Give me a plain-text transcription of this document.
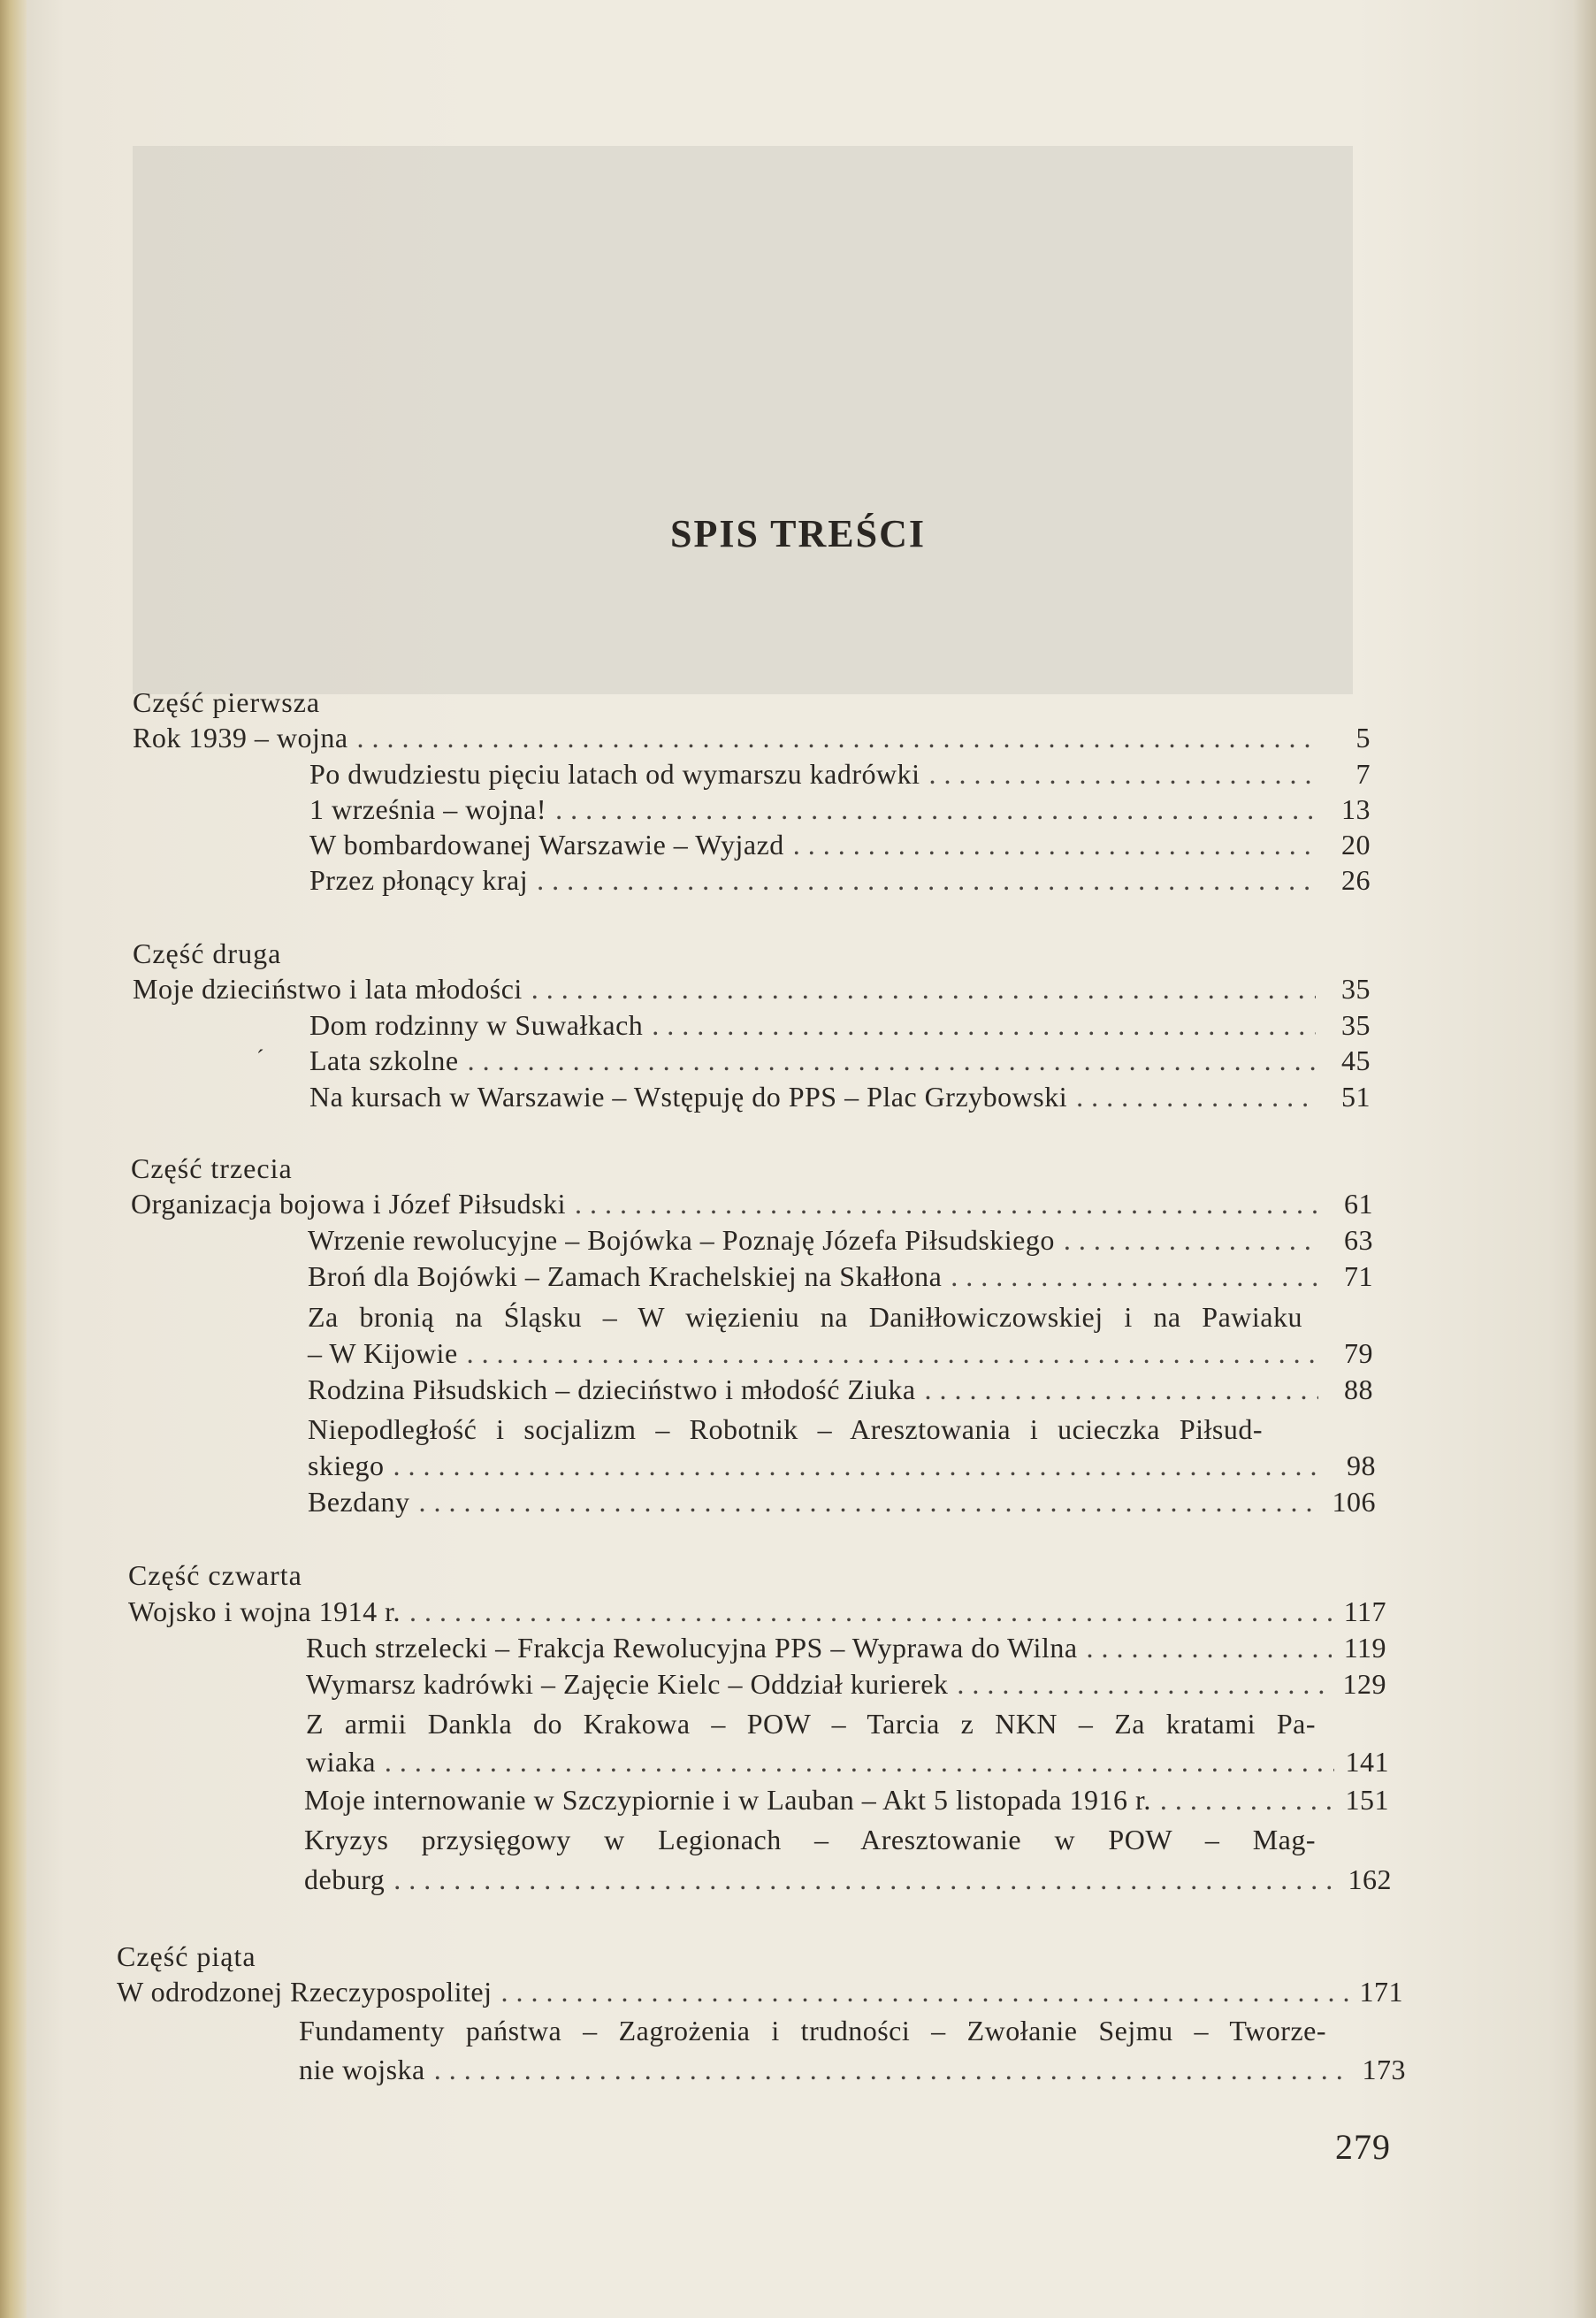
SPIS TREŚCI
Część pierwsza
Rok 1939 – wojna .....	5
Po dwudziestu pięciu latach od wymarszu kadrówki .....	7
1 września – wojna! .....	13
W bombardowanej Warszawie – Wyjazd .....	20
Przez płonący kraj .....	26
Część druga
Moje dzieciństwo i lata młodości .....	35
Dom rodzinny w Suwałkach .....	35
´ Lata szkolne .....	45
Na kursach w Warszawie – Wstępuję do PPS – Plac Grzybowski .....	51
Część trzecia
Organizacja bojowa i Józef Piłsudski .....	61
Wrzenie rewolucyjne – Bojówka – Poznaję Józefa Piłsudskiego .....	63
Broń dla Bojówki – Zamach Krachelskiej na Skałłona .....	71
Za bronią na Śląsku – W więzieniu na Daniłłowiczowskiej i na Pawiaku
– W Kijowie .....	79
Rodzina Piłsudskich – dzieciństwo i młodość Ziuka .....	88
Niepodległość i socjalizm – Robotnik – Aresztowania i ucieczka Piłsud-
skiego .....	98
Bezdany .....	106
Część czwarta
Wojsko i wojna 1914 r. .....	117
Ruch strzelecki – Frakcja Rewolucyjna PPS – Wyprawa do Wilna .....	119
Wymarsz kadrówki – Zajęcie Kielc – Oddział kurierek .....	129
Z armii Dankla do Krakowa – POW – Tarcia z NKN – Za kratami Pa-
wiaka .....	141
Moje internowanie w Szczypiornie i w Lauban – Akt 5 listopada 1916 r. .....	151
Kryzys przysięgowy w Legionach – Aresztowanie w POW – Mag-
deburg .....	162
Część piąta
W odrodzonej Rzeczypospolitej .....	171
Fundamenty państwa – Zagrożenia i trudności – Zwołanie Sejmu – Tworze-
nie wojska .....	173
279
